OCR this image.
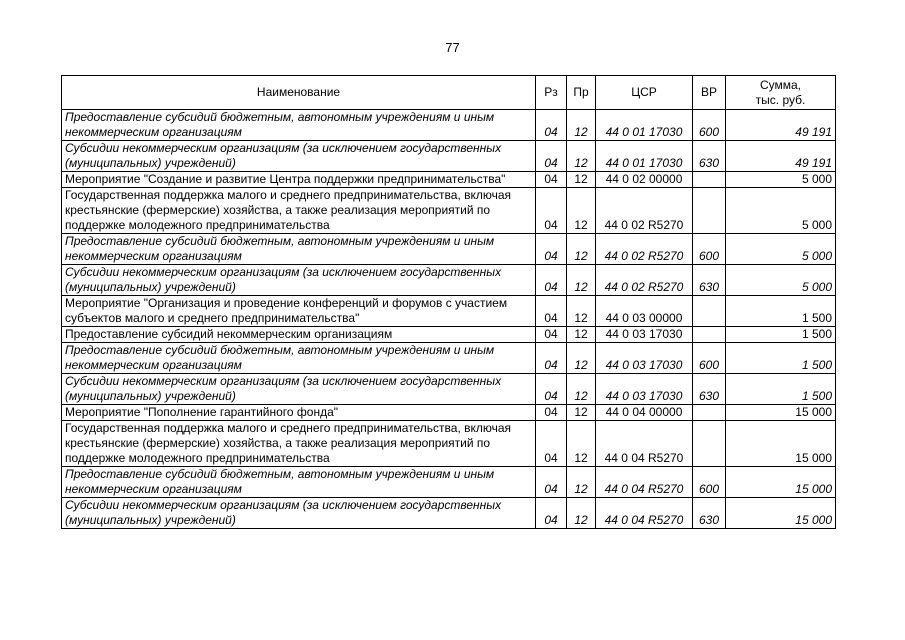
77
Наименование	Рз	Пр	ЦСР	ВР	Сумма,
тыс. руб.

Предоставление субсидий бюджетным, автономным учреждениям и иным некоммерческим организациям	04	12	44 0 01 17030	600	49 191
Субсидии некоммерческим организациям (за исключением государственных (муниципальных) учреждений)	04	12	44 0 01 17030	630	49 191
Мероприятие "Создание и развитие Центра поддержки предпринимательства"	04	12	44 0 02 00000		5 000
Государственная поддержка малого и среднего предпринимательства, включая крестьянские (фермерские) хозяйства, а также реализация мероприятий по поддержке молодежного предпринимательства	04	12	44 0 02 R5270		5 000
Предоставление субсидий бюджетным, автономным учреждениям и иным некоммерческим организациям	04	12	44 0 02 R5270	600	5 000
Субсидии некоммерческим организациям (за исключением государственных (муниципальных) учреждений)	04	12	44 0 02 R5270	630	5 000
Мероприятие "Организация и проведение конференций и форумов с участием субъектов малого и среднего предпринимательства"	04	12	44 0 03 00000		1 500
Предоставление субсидий некоммерческим организациям	04	12	44 0 03 17030		1 500
Предоставление субсидий бюджетным, автономным учреждениям и иным некоммерческим организациям	04	12	44 0 03 17030	600	1 500
Субсидии некоммерческим организациям (за исключением государственных (муниципальных) учреждений)	04	12	44 0 03 17030	630	1 500
Мероприятие "Пополнение гарантийного фонда"	04	12	44 0 04 00000		15 000
Государственная поддержка малого и среднего предпринимательства, включая крестьянские (фермерские) хозяйства, а также реализация мероприятий по поддержке молодежного предпринимательства	04	12	44 0 04 R5270		15 000
Предоставление субсидий бюджетным, автономным учреждениям и иным некоммерческим организациям	04	12	44 0 04 R5270	600	15 000
Субсидии некоммерческим организациям (за исключением государственных (муниципальных) учреждений)	04	12	44 0 04 R5270	630	15 000
